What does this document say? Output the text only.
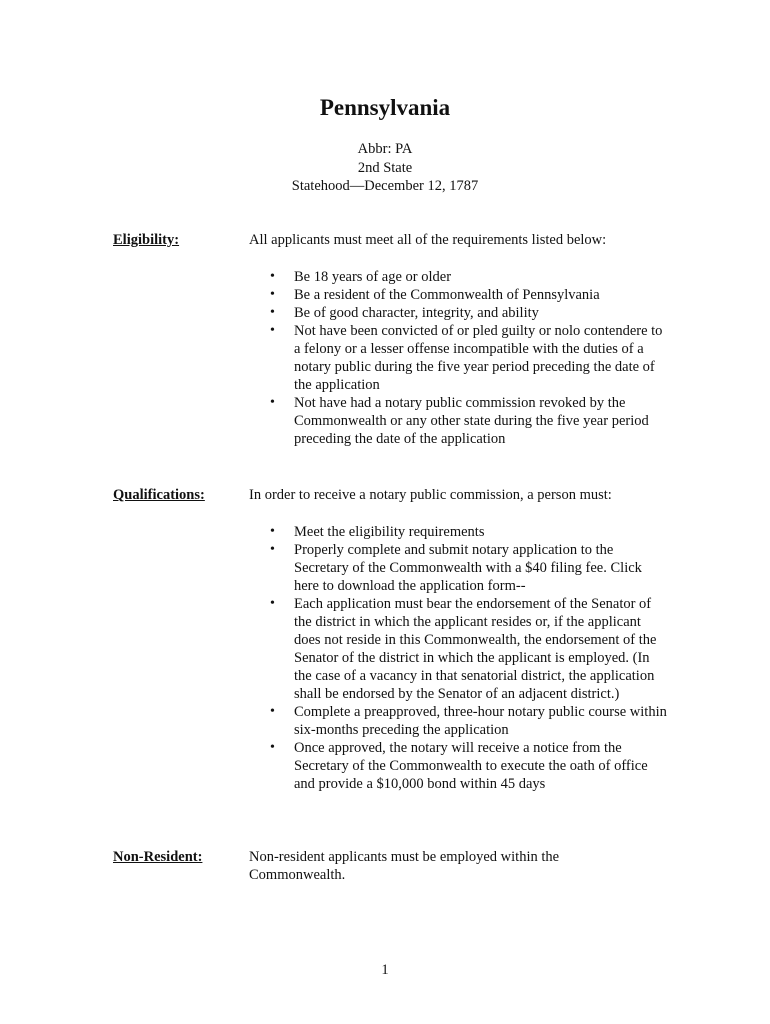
Pennsylvania
Abbr: PA
2nd State
Statehood—December 12, 1787
Eligibility:	All applicants must meet all of the requirements listed below:
• Be 18 years of age or older
• Be a resident of the Commonwealth of Pennsylvania
• Be of good character, integrity, and ability
• Not have been convicted of or pled guilty or nolo contendere to a felony or a lesser offense incompatible with the duties of a notary public during the five year period preceding the date of the application
• Not have had a notary public commission revoked by the Commonwealth or any other state during the five year period preceding the date of the application
Qualifications:	In order to receive a notary public commission, a person must:
• Meet the eligibility requirements
• Properly complete and submit notary application to the Secretary of the Commonwealth with a $40 filing fee. Click here to download the application form--
• Each application must bear the endorsement of the Senator of the district in which the applicant resides or, if the applicant does not reside in this Commonwealth, the endorsement of the Senator of the district in which the applicant is employed. (In the case of a vacancy in that senatorial district, the application shall be endorsed by the Senator of an adjacent district.)
• Complete a preapproved, three-hour notary public course within six-months preceding the application
• Once approved, the notary will receive a notice from the Secretary of the Commonwealth to execute the oath of office and provide a $10,000 bond within 45 days
Non-Resident:	Non-resident applicants must be employed within the Commonwealth.
1
